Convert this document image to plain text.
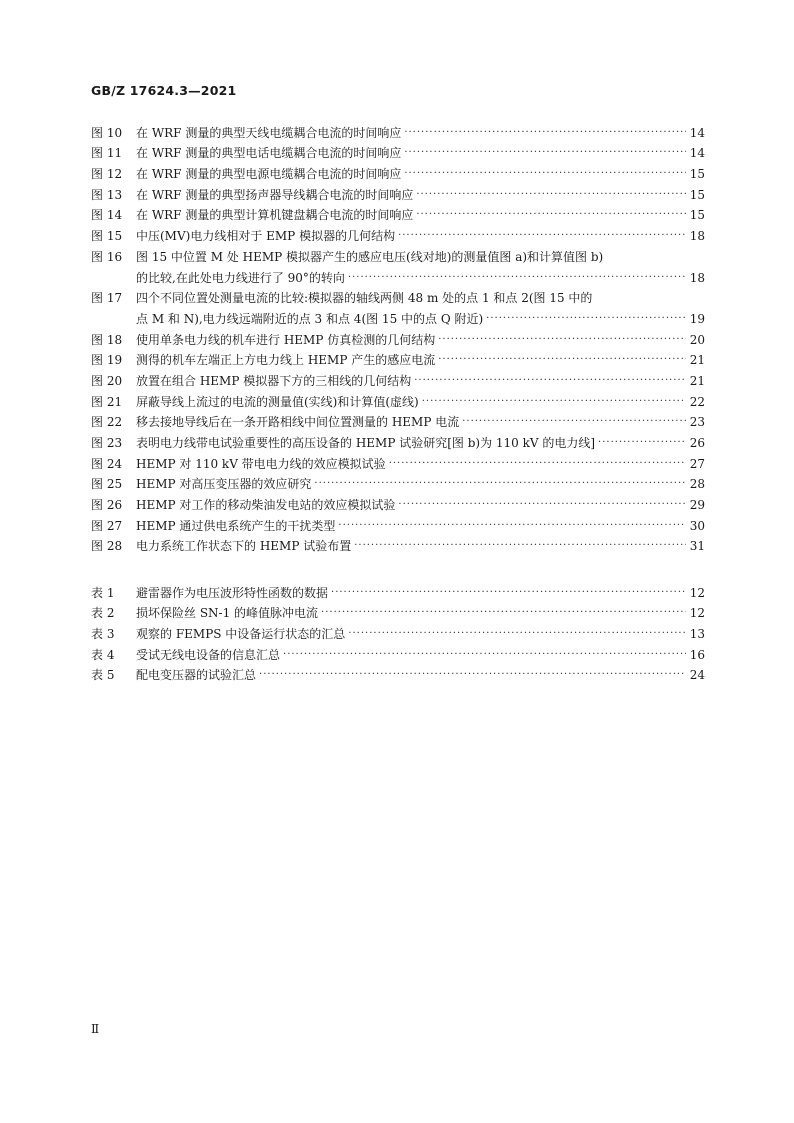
GB/Z 17624.3—2021
图 10	在 WRF 测量的典型天线电缆耦合电流的时间响应 ·····	14
图 11	在 WRF 测量的典型电话电缆耦合电流的时间响应 ·····	14
图 12	在 WRF 测量的典型电源电缆耦合电流的时间响应 ·····	15
图 13	在 WRF 测量的典型扬声器导线耦合电流的时间响应 ·····	15
图 14	在 WRF 测量的典型计算机键盘耦合电流的时间响应 ·····	15
图 15	中压(MV)电力线相对于 EMP 模拟器的几何结构 ·····	18
图 16	图 15 中位置 M 处 HEMP 模拟器产生的感应电压(线对地)的测量值图 a)和计算值图 b)
的比较,在此处电力线进行了 90°的转向 ·····	18
图 17	四个不同位置处测量电流的比较:模拟器的轴线两侧 48 m 处的点 1 和点 2(图 15 中的
点 M 和 N),电力线远端附近的点 3 和点 4(图 15 中的点 Q 附近) ·····	19
图 18	使用单条电力线的机车进行 HEMP 仿真检测的几何结构 ·····	20
图 19	测得的机车左端正上方电力线上 HEMP 产生的感应电流 ·····	21
图 20	放置在组合 HEMP 模拟器下方的三相线的几何结构 ·····	21
图 21	屏蔽导线上流过的电流的测量值(实线)和计算值(虚线) ·····	22
图 22	移去接地导线后在一条开路相线中间位置测量的 HEMP 电流 ·····	23
图 23	表明电力线带电试验重要性的高压设备的 HEMP 试验研究[图 b)为 110 kV 的电力线] ·····	26
图 24	HEMP 对 110 kV 带电电力线的效应模拟试验 ·····	27
图 25	HEMP 对高压变压器的效应研究 ·····	28
图 26	HEMP 对工作的移动柴油发电站的效应模拟试验 ·····	29
图 27	HEMP 通过供电系统产生的干扰类型 ·····	30
图 28	电力系统工作状态下的 HEMP 试验布置 ·····	31
表 1	避雷器作为电压波形特性函数的数据 ·····	12
表 2	损坏保险丝 SN-1 的峰值脉冲电流 ·····	12
表 3	观察的 FEMPS 中设备运行状态的汇总 ·····	13
表 4	受试无线电设备的信息汇总 ·····	16
表 5	配电变压器的试验汇总 ·····	24
Ⅱ
